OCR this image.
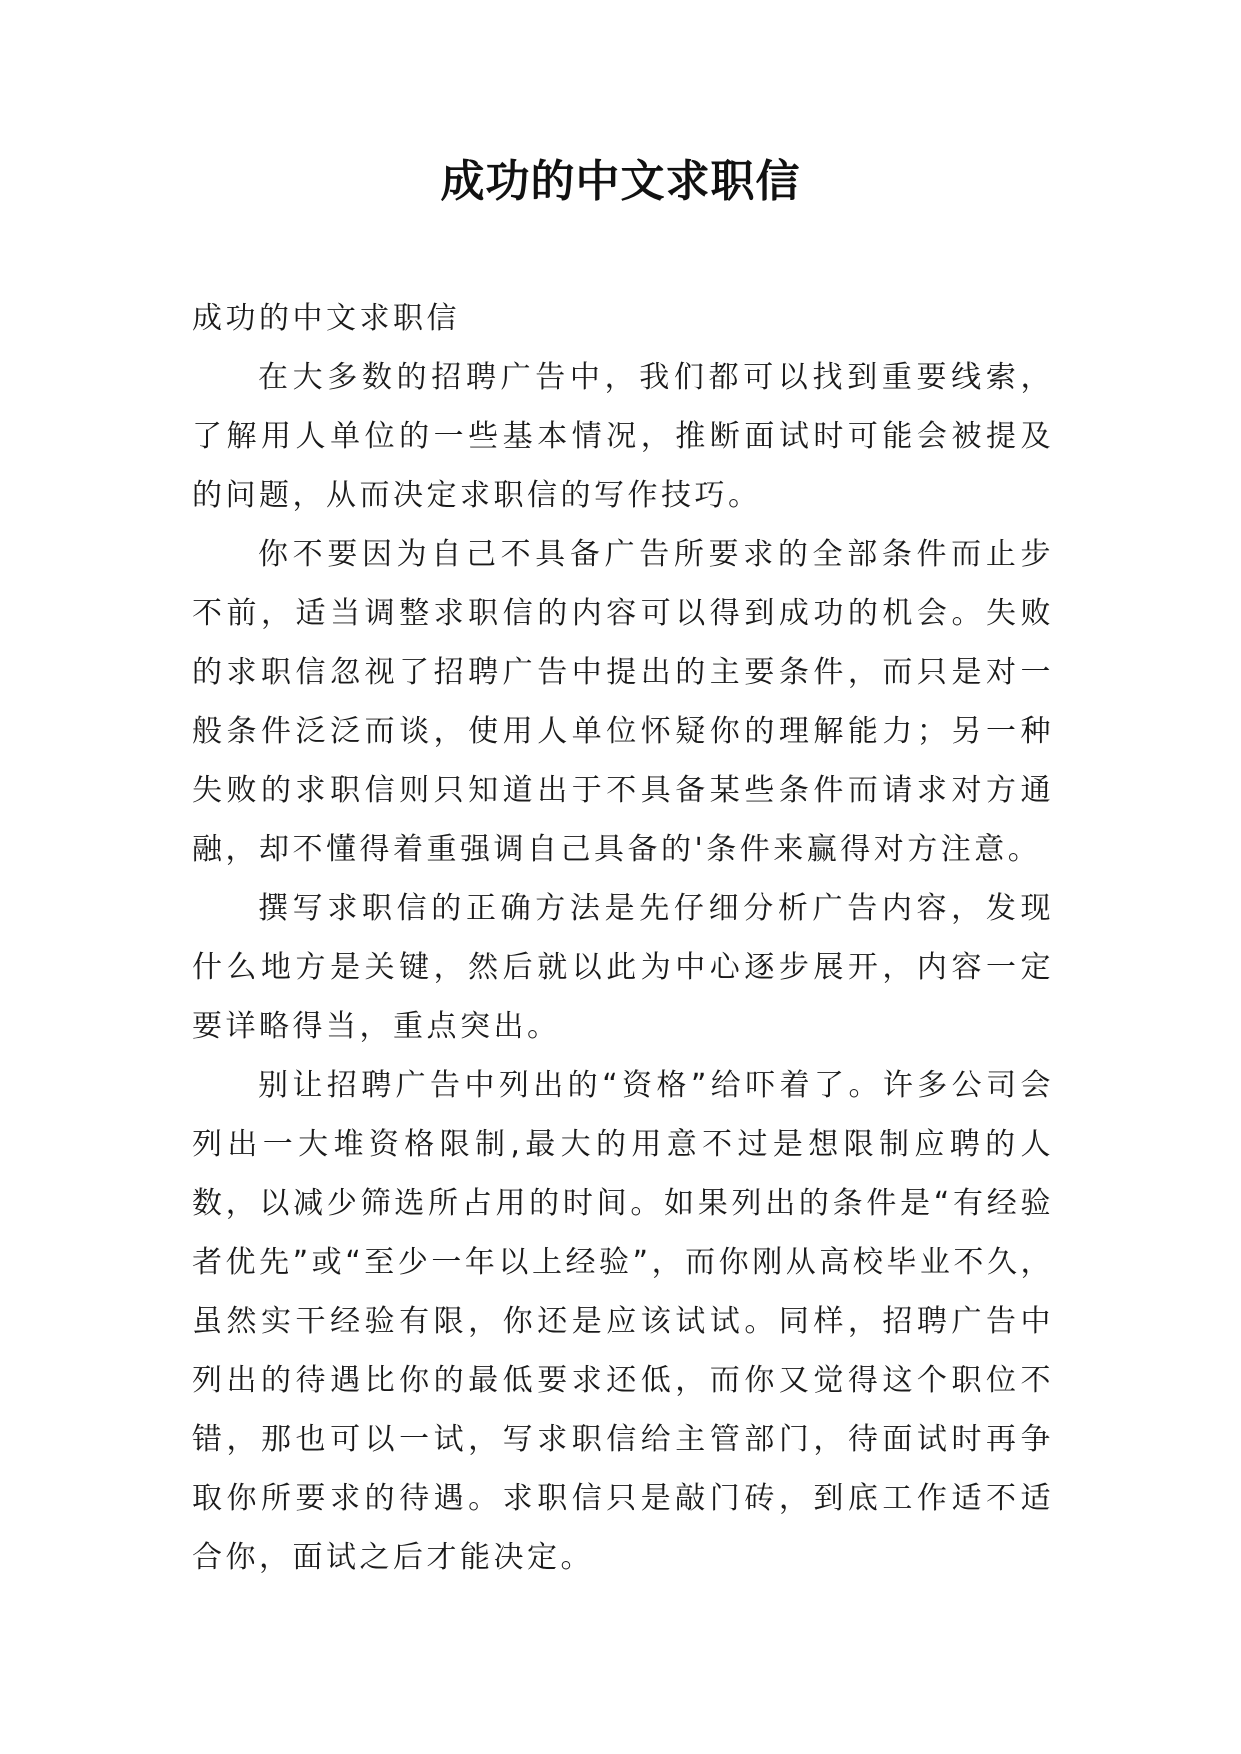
成功的中文求职信

成功的中文求职信

在大多数的招聘广告中，我们都可以找到重要线索，了解用人单位的一些基本情况，推断面试时可能会被提及的问题，从而决定求职信的写作技巧。

你不要因为自己不具备广告所要求的全部条件而止步不前，适当调整求职信的内容可以得到成功的机会。失败的求职信忽视了招聘广告中提出的主要条件，而只是对一般条件泛泛而谈，使用人单位怀疑你的理解能力；另一种失败的求职信则只知道出于不具备某些条件而请求对方通融，却不懂得着重强调自己具备的'条件来赢得对方注意。

撰写求职信的正确方法是先仔细分析广告内容，发现什么地方是关键，然后就以此为中心逐步展开，内容一定要详略得当，重点突出。

别让招聘广告中列出的“资格”给吓着了。许多公司会列出一大堆资格限制,最大的用意不过是想限制应聘的人数，以减少筛选所占用的时间。如果列出的条件是“有经验者优先”或“至少一年以上经验”，而你刚从高校毕业不久，虽然实干经验有限，你还是应该试试。同样，招聘广告中列出的待遇比你的最低要求还低，而你又觉得这个职位不错，那也可以一试，写求职信给主管部门，待面试时再争取你所要求的待遇。求职信只是敲门砖，到底工作适不适合你，面试之后才能决定。
